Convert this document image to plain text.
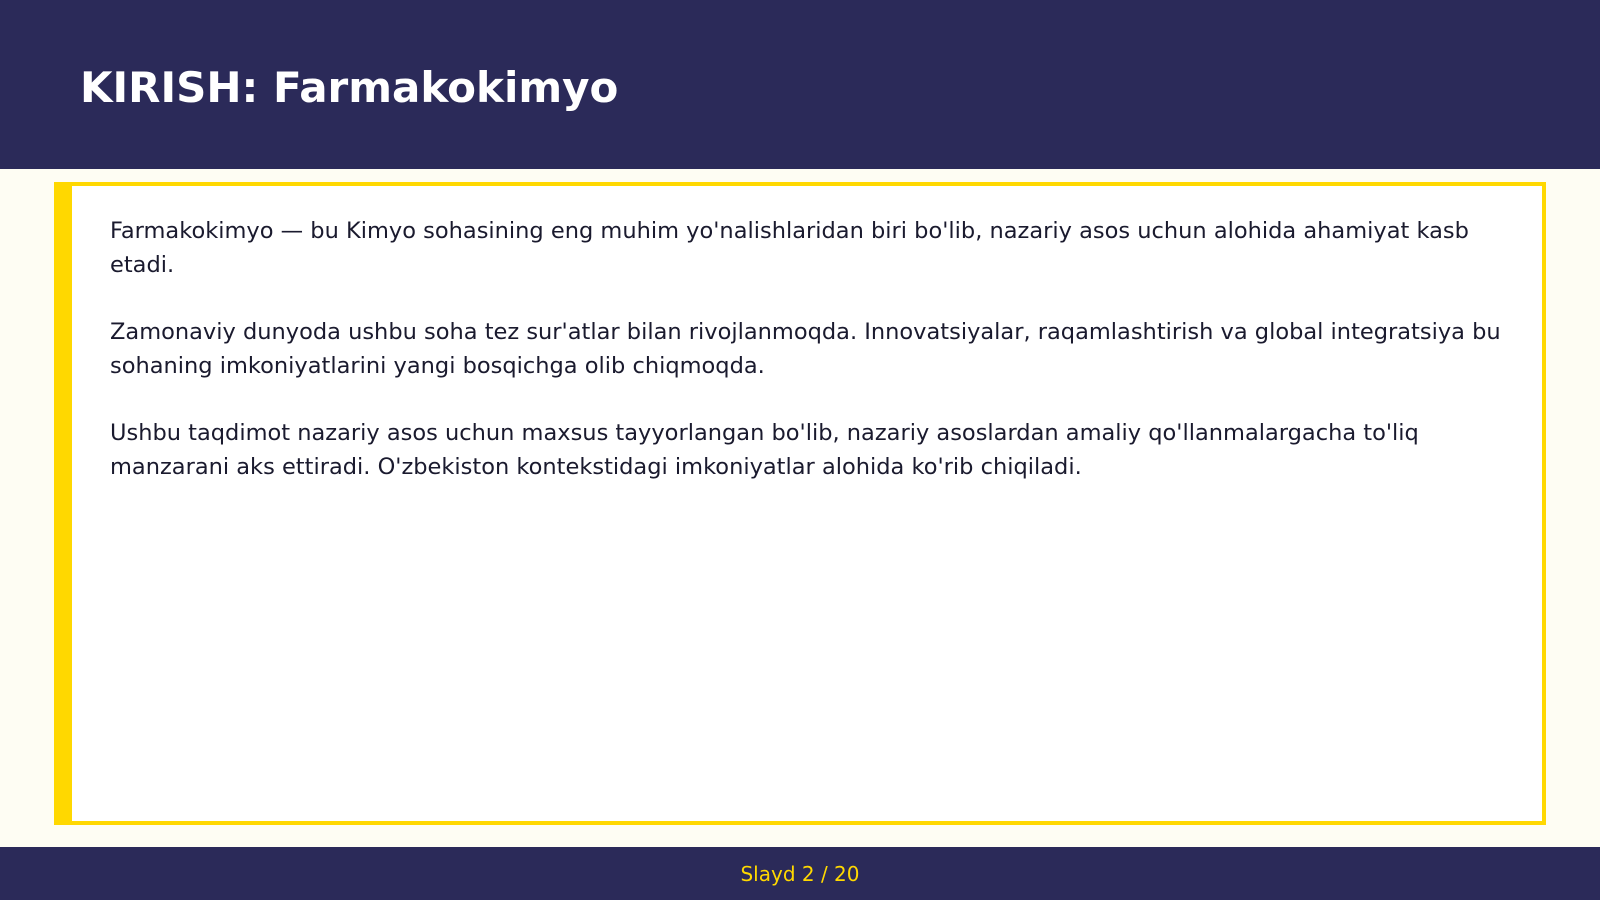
KIRISH: Farmakokimyo

Farmakokimyo — bu Kimyo sohasining eng muhim yo'nalishlaridan biri bo'lib, nazariy asos uchun alohida ahamiyat kasb etadi.

Zamonaviy dunyoda ushbu soha tez sur'atlar bilan rivojlanmoqda. Innovatsiyalar, raqamlashtirish va global integratsiya bu sohaning imkoniyatlarini yangi bosqichga olib chiqmoqda.

Ushbu taqdimot nazariy asos uchun maxsus tayyorlangan bo'lib, nazariy asoslardan amaliy qo'llanmalargacha to'liq manzarani aks ettiradi. O'zbekiston kontekstidagi imkoniyatlar alohida ko'rib chiqiladi.

Slayd 2 / 20
